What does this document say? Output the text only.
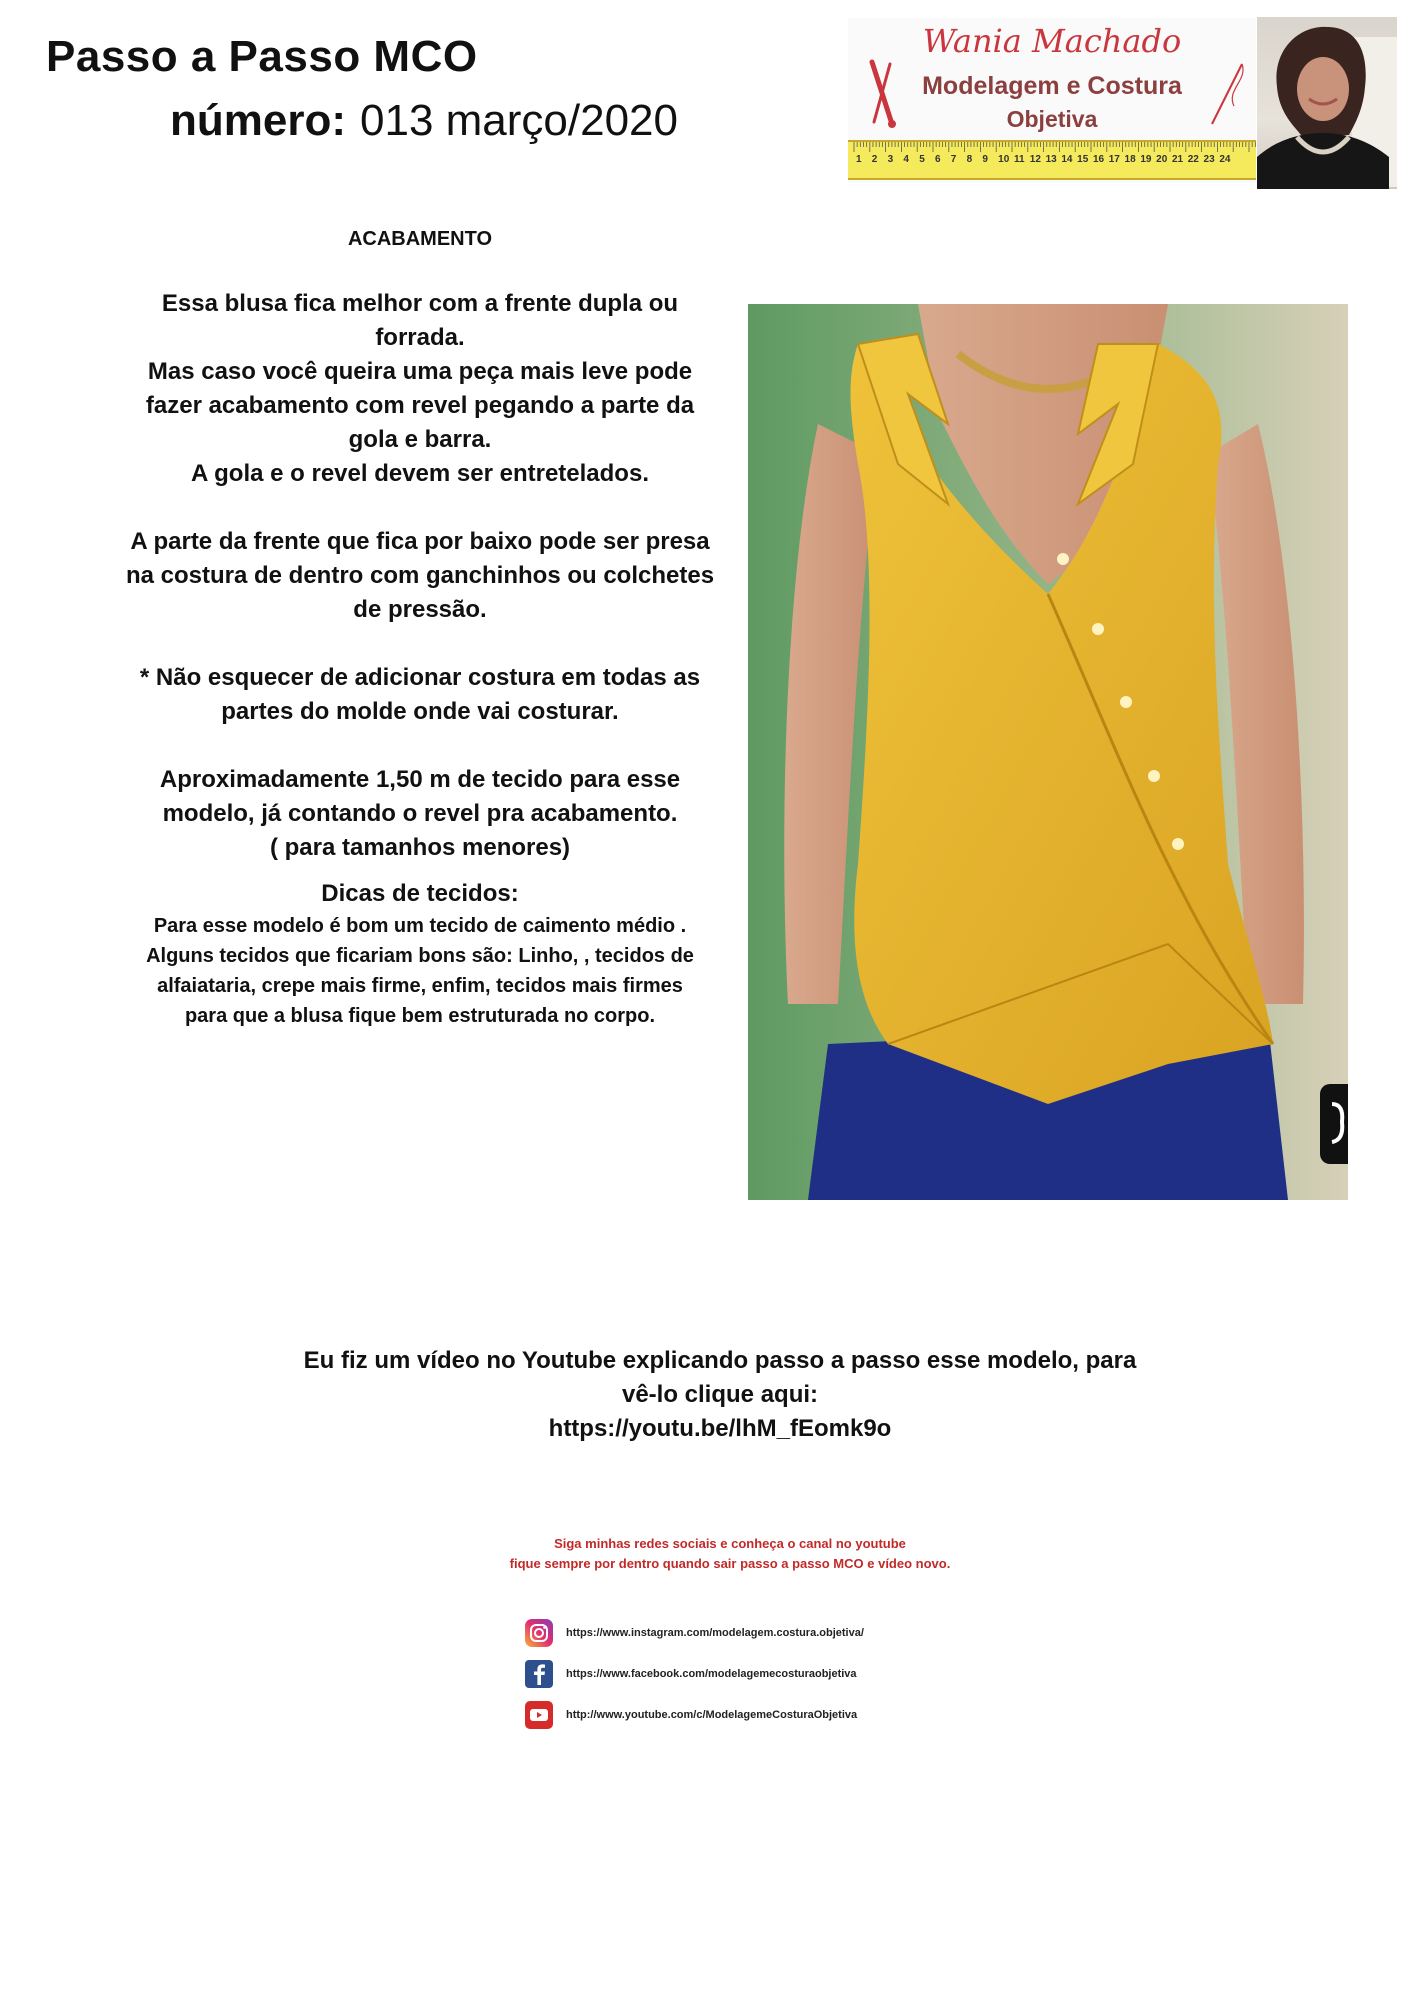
Passo a Passo MCO
número: 013 março/2020
Wania Machado
Modelagem e Costura
Objetiva
1 2 3 4 5 6 7 8 9 10 11 12 13 14 15 16 17 18 19 20 21 22 23 24
ACABAMENTO

Essa blusa fica melhor com a frente dupla ou
forrada.
Mas caso você queira uma peça mais leve pode
fazer acabamento com revel pegando a parte da
gola e barra.
A gola e o revel devem ser entretelados.

A parte da frente que fica por baixo pode ser presa
na costura de dentro com ganchinhos ou colchetes
de pressão.

* Não esquecer de adicionar costura em todas as
partes do molde onde vai costurar.

Aproximadamente 1,50 m de tecido para esse
modelo, já contando o revel pra acabamento.
( para tamanhos menores)

Dicas de tecidos:

Para esse modelo é bom um tecido de caimento médio .
Alguns tecidos que ficariam bons são: Linho, , tecidos de
alfaiataria, crepe mais firme, enfim, tecidos mais firmes
para que a blusa fique bem estruturada no corpo.

Eu fiz um vídeo no Youtube explicando passo a passo esse modelo, para
vê-lo clique aqui:
https://youtu.be/lhM_fEomk9o
Siga minhas redes sociais e conheça o canal no youtube
fique sempre por dentro quando sair passo a passo MCO e vídeo novo.
https://www.instagram.com/modelagem.costura.objetiva/
https://www.facebook.com/modelagemecosturaobjetiva
http://www.youtube.com/c/ModelagemeCosturaObjetiva
